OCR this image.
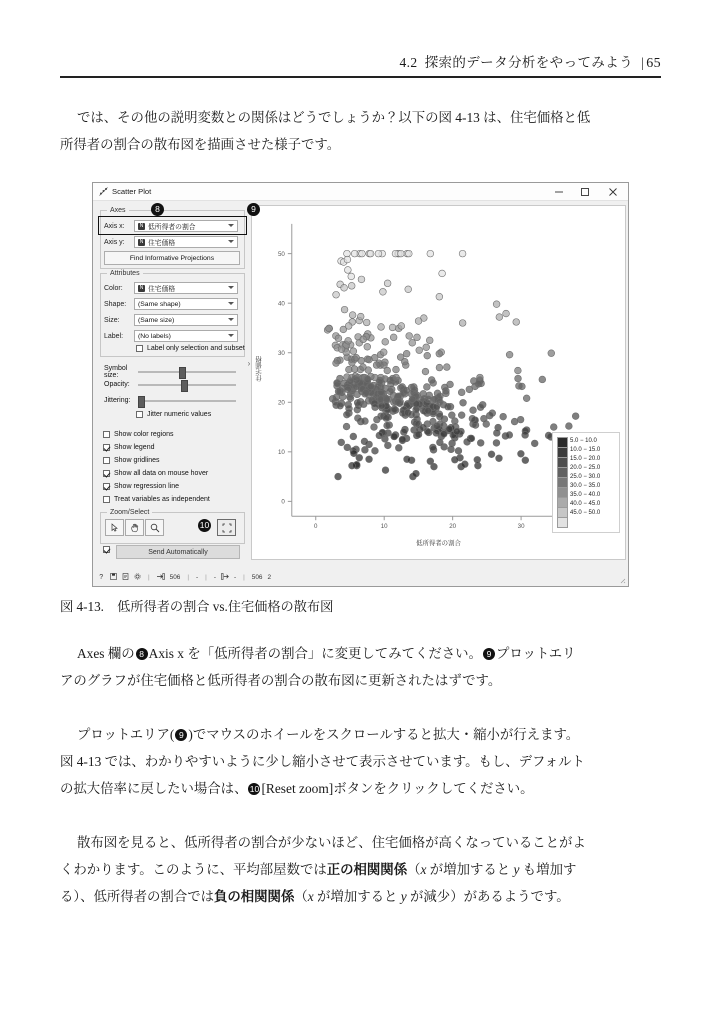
4.2 探索的データ分析をやってみよう | 65
では、その他の説明変数との関係はどうでしょうか？以下の図 4-13 は、住宅価格と低
所得者の割合の散布図を描画させた様子です。
Scatter Plot
9
8
Axes
Axis x:	N 低所得者の割合
Axis y:	N 住宅価格
Find Informative Projections
Attributes
Color:	N 住宅価格
Shape:	(Same shape)
Size:	(Same size)
Label:	(No labels)
Label only selection and subset
Symbol size:
Opacity:
Jittering:
Jitter numeric values
Show color regions
Show legend
Show gridlines
Show all data on mouse hover
Show regression line
Treat variables as independent
Zoom/Select
10
Send Automatically
›
0	10	20	30
0
10
20
30
40
50
住宅価格
低所得者の割合
5.0 − 10.0
10.0 − 15.0
15.0 − 20.0
20.0 − 25.0
25.0 − 30.0
30.0 − 35.0
35.0 − 40.0
40.0 − 45.0
45.0 − 50.0
?	|	506 | - | -	- | 506 2
図 4-13.　低所得者の割合 vs.住宅価格の散布図
Axes 欄の 8 Axis x を「低所得者の割合」に変更してみてください。 9 プロットエリ
アのグラフが住宅価格と低所得者の割合の散布図に更新されたはずです。
プロットエリア( 9 )でマウスのホイールをスクロールすると拡大・縮小が行えます。
図 4-13 では、わかりやすいように少し縮小させて表示させています。もし、デフォルト
の拡大倍率に戻したい場合は、 10 [Reset zoom]ボタンをクリックしてください。
散布図を見ると、低所得者の割合が少ないほど、住宅価格が高くなっていることがよ
くわかります。このように、平均部屋数では正の相関関係（x が増加すると y も増加す
る）、低所得者の割合では負の相関関係（x が増加すると y が減少）があるようです。
